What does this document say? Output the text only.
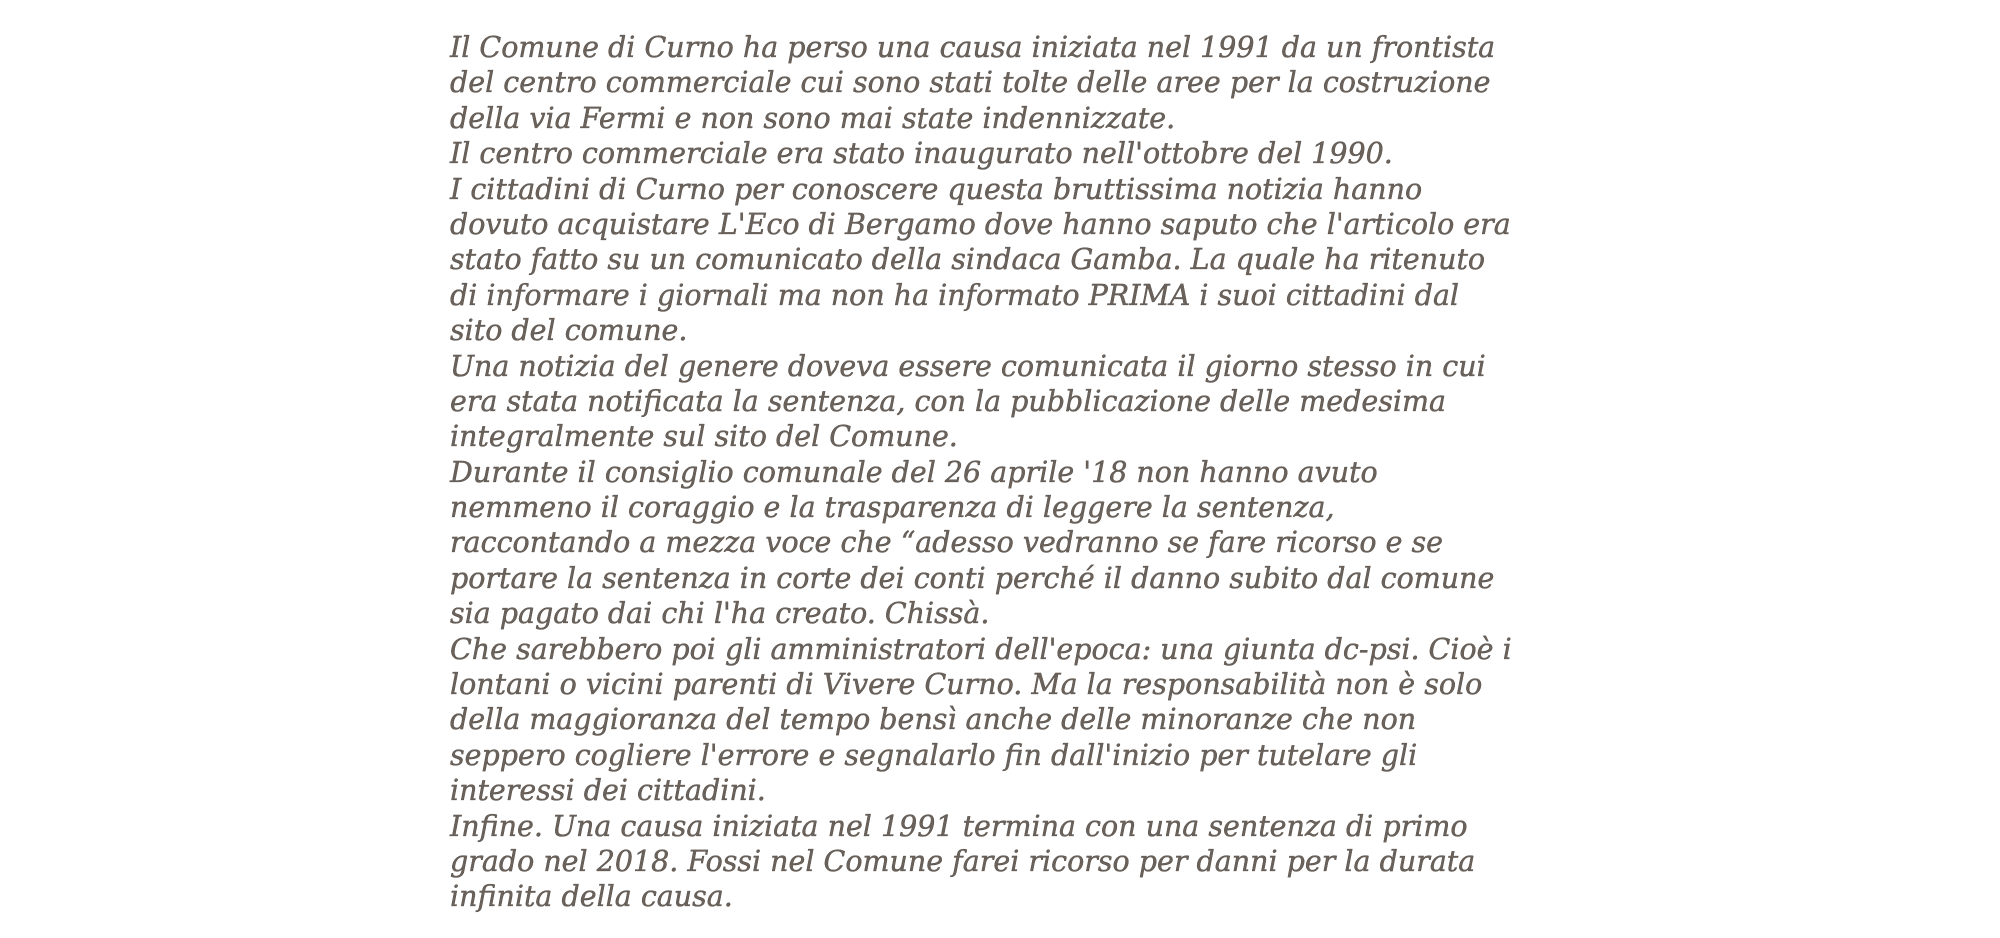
Il Comune di Curno ha perso una causa iniziata nel 1991 da un frontista
del centro commerciale cui sono stati tolte delle aree per la costruzione
della via Fermi e non sono mai state indennizzate.
Il centro commerciale era stato inaugurato nell'ottobre del 1990.
I cittadini di Curno per conoscere questa bruttissima notizia hanno
dovuto acquistare L'Eco di Bergamo dove hanno saputo che l'articolo era
stato fatto su un comunicato della sindaca Gamba. La quale ha ritenuto
di informare i giornali ma non ha informato PRIMA i suoi cittadini dal
sito del comune.
Una notizia del genere doveva essere comunicata il giorno stesso in cui
era stata notificata la sentenza, con la pubblicazione delle medesima
integralmente sul sito del Comune.
Durante il consiglio comunale del 26 aprile '18 non hanno avuto
nemmeno il coraggio e la trasparenza di leggere la sentenza,
raccontando a mezza voce che “adesso vedranno se fare ricorso e se
portare la sentenza in corte dei conti perché il danno subito dal comune
sia pagato dai chi l'ha creato. Chissà.
Che sarebbero poi gli amministratori dell'epoca: una giunta dc-psi. Cioè i
lontani o vicini parenti di Vivere Curno. Ma la responsabilità non è solo
della maggioranza del tempo bensì anche delle minoranze che non
seppero cogliere l'errore e segnalarlo fin dall'inizio per tutelare gli
interessi dei cittadini.
Infine. Una causa iniziata nel 1991 termina con una sentenza di primo
grado nel 2018. Fossi nel Comune farei ricorso per danni per la durata
infinita della causa.
